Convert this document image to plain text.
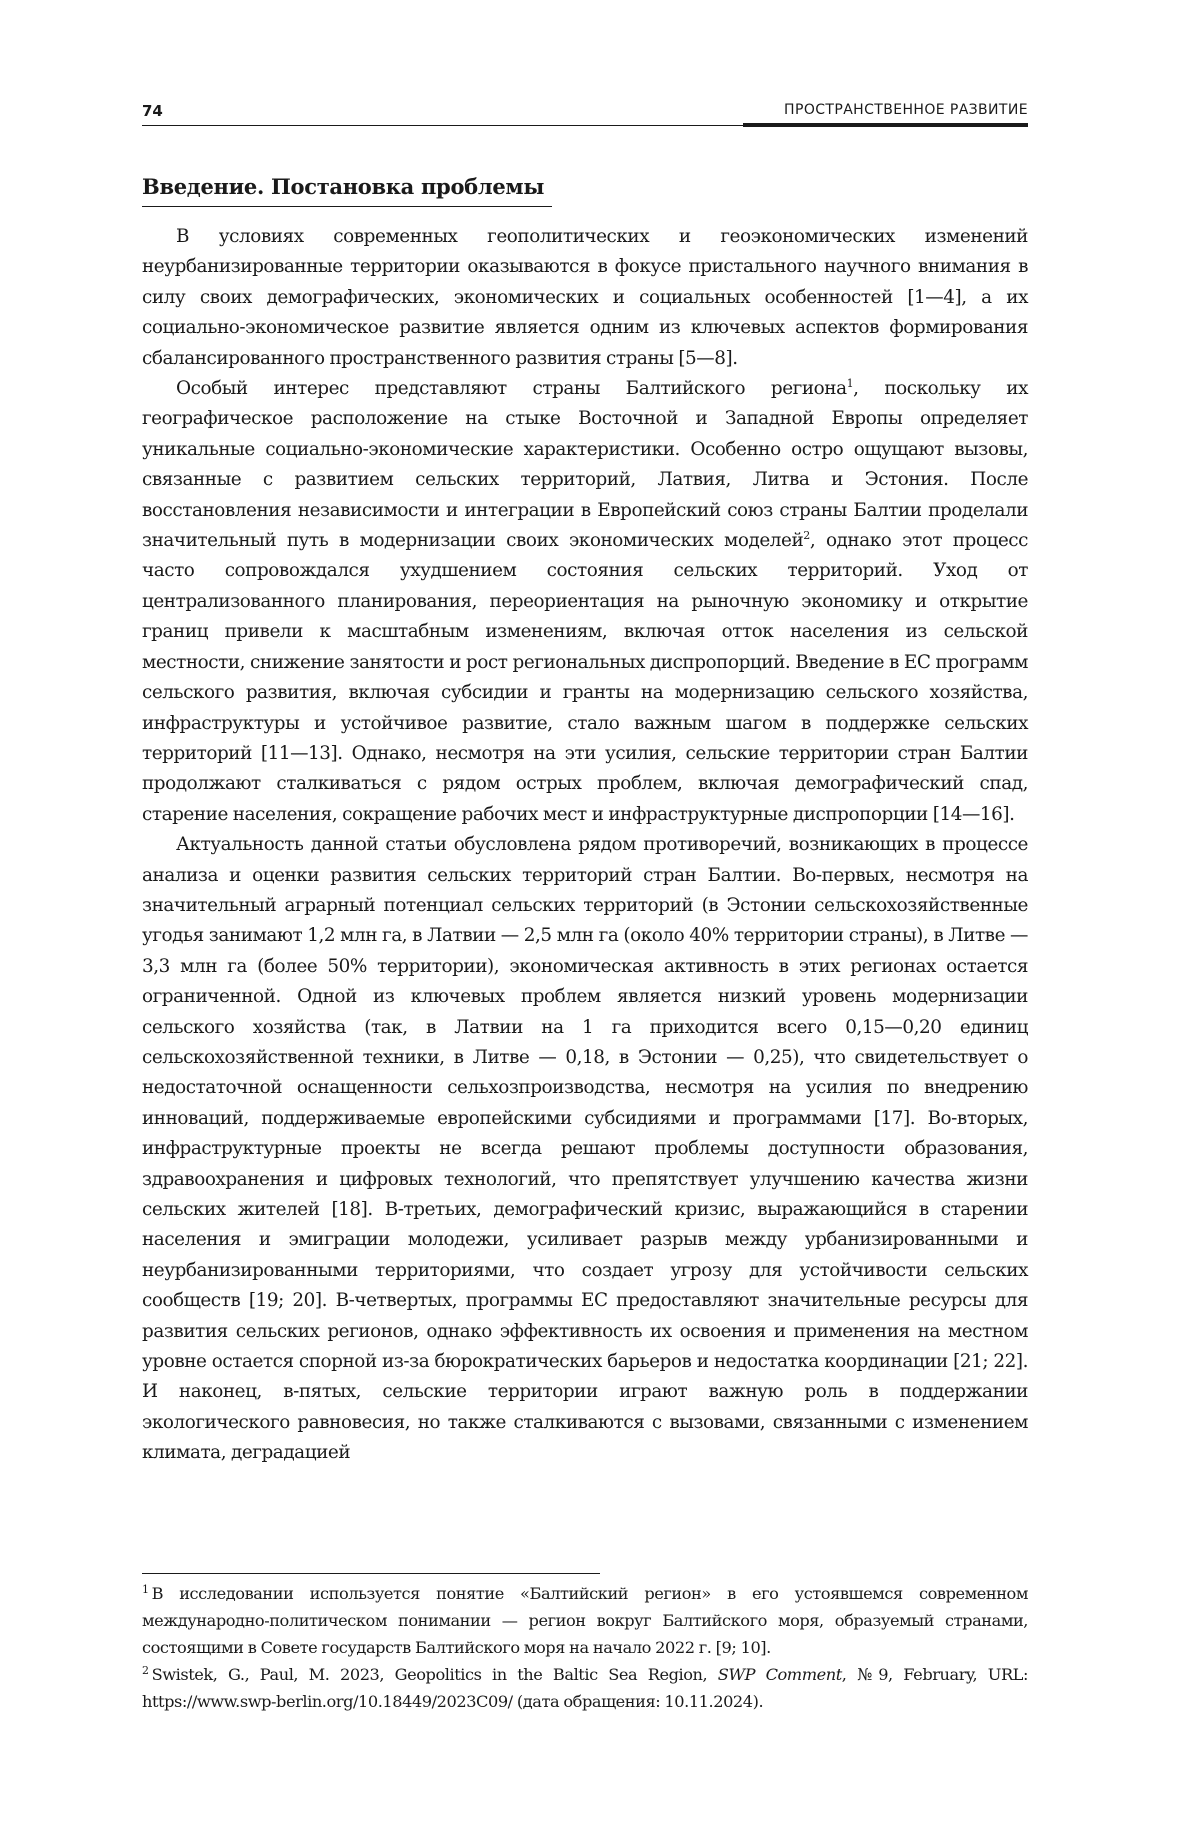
74	ПРОСТРАНСТВЕННОЕ РАЗВИТИЕ
Введение. Постановка проблемы

В условиях современных геополитических и геоэкономических изменений неурбанизированные территории оказываются в фокусе пристального научного внимания в силу своих демографических, экономических и социальных особенностей [1—4], а их социально-экономическое развитие является одним из ключевых аспектов формирования сбалансированного пространственного развития страны [5—8].

Особый интерес представляют страны Балтийского региона$^1$, поскольку их географическое расположение на стыке Восточной и Западной Европы определяет уникальные социально-экономические характеристики. Особенно остро ощущают вызовы, связанные с развитием сельских территорий, Латвия, Литва и Эстония. После восстановления независимости и интеграции в Европейский союз страны Балтии проделали значительный путь в модернизации своих экономических моделей$^2$, однако этот процесс часто сопровождался ухудшением состояния сельских территорий. Уход от централизованного планирования, переориентация на рыночную экономику и открытие границ привели к масштабным изменениям, включая отток населения из сельской местности, снижение занятости и рост региональных диспропорций. Введение в ЕС программ сельского развития, включая субсидии и гранты на модернизацию сельского хозяйства, инфраструктуры и устойчивое развитие, стало важным шагом в поддержке сельских территорий [11—13]. Однако, несмотря на эти усилия, сельские территории стран Балтии продолжают сталкиваться с рядом острых проблем, включая демографический спад, старение населения, сокращение рабочих мест и инфраструктурные диспропорции [14—16].

Актуальность данной статьи обусловлена рядом противоречий, возникающих в процессе анализа и оценки развития сельских территорий стран Балтии. Во-первых, несмотря на значительный аграрный потенциал сельских территорий (в Эстонии сельскохозяйственные угодья занимают 1,2 млн га, в Латвии — 2,5 млн га (около 40% территории страны), в Литве — 3,3 млн га (более 50% территории), экономическая активность в этих регионах остается ограниченной. Одной из ключевых проблем является низкий уровень модернизации сельского хозяйства (так, в Латвии на 1 га приходится всего 0,15—0,20 единиц сельскохозяйственной техники, в Литве — 0,18, в Эстонии — 0,25), что свидетельствует о недостаточной оснащенности сельхозпроизводства, несмотря на усилия по внедрению инноваций, поддерживаемые европейскими субсидиями и программами [17]. Во-вторых, инфраструктурные проекты не всегда решают проблемы доступности образования, здравоохранения и цифровых технологий, что препятствует улучшению качества жизни сельских жителей [18]. В-третьих, демографический кризис, выражающийся в старении населения и эмиграции молодежи, усиливает разрыв между урбанизированными и неурбанизированными территориями, что создает угрозу для устойчивости сельских сообществ [19; 20]. В-четвертых, программы ЕС предоставляют значительные ресурсы для развития сельских регионов, однако эффективность их освоения и применения на местном уровне остается спорной из-за бюрократических барьеров и недостатка координации [21; 22]. И наконец, в-пятых, сельские территории играют важную роль в поддержании экологического равновесия, но также сталкиваются с вызовами, связанными с изменением климата, деградацией

$^1$ В исследовании используется понятие «Балтийский регион» в его устоявшемся современном международно-политическом понимании — регион вокруг Балтийского моря, образуемый странами, состоящими в Совете государств Балтийского моря на начало 2022 г. [9; 10].

$^2$ Swistek, G., Paul, M. 2023, Geopolitics in the Baltic Sea Region, SWP Comment, №9, February, URL: https://www.swp-berlin.org/10.18449/2023C09/ (дата обращения: 10.11.2024).
